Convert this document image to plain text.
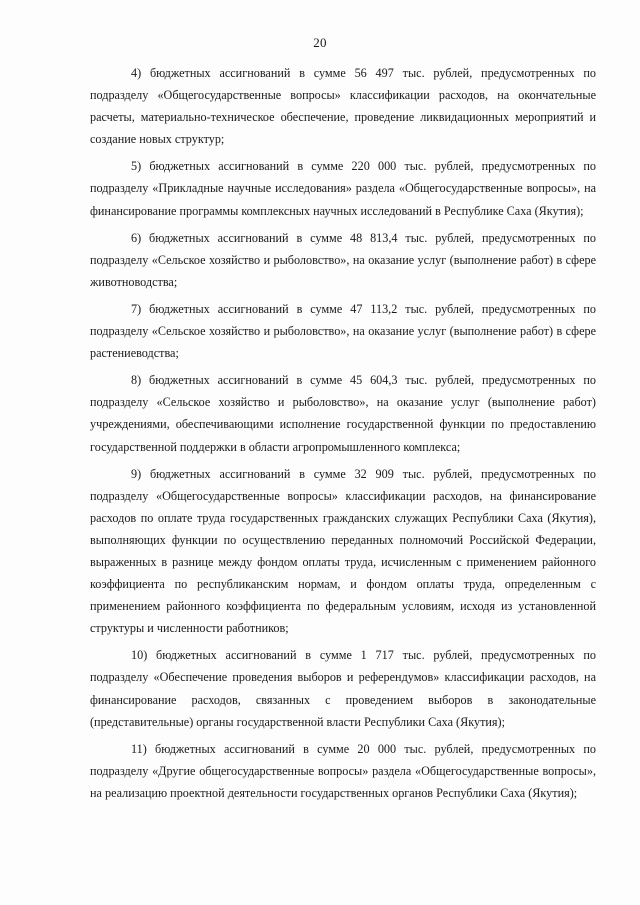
20

4) бюджетных ассигнований в сумме 56 497 тыс. рублей, предусмотренных по подразделу «Общегосударственные вопросы» классификации расходов, на окончательные расчеты, материально-техническое обеспечение, проведение ликвидационных мероприятий и создание новых структур;

5) бюджетных ассигнований в сумме 220 000 тыс. рублей, предусмотренных по подразделу «Прикладные научные исследования» раздела «Общегосударственные вопросы», на финансирование программы комплексных научных исследований в Республике Саха (Якутия);

6) бюджетных ассигнований в сумме 48 813,4 тыс. рублей, предусмотренных по подразделу «Сельское хозяйство и рыболовство», на оказание услуг (выполнение работ) в сфере животноводства;

7) бюджетных ассигнований в сумме 47 113,2 тыс. рублей, предусмотренных по подразделу «Сельское хозяйство и рыболовство», на оказание услуг (выполнение работ) в сфере растениеводства;

8) бюджетных ассигнований в сумме 45 604,3 тыс. рублей, предусмотренных по подразделу «Сельское хозяйство и рыболовство», на оказание услуг (выполнение работ) учреждениями, обеспечивающими исполнение государственной функции по предоставлению государственной поддержки в области агропромышленного комплекса;

9) бюджетных ассигнований в сумме 32 909 тыс. рублей, предусмотренных по подразделу «Общегосударственные вопросы» классификации расходов, на финансирование расходов по оплате труда государственных гражданских служащих Республики Саха (Якутия), выполняющих функции по осуществлению переданных полномочий Российской Федерации, выраженных в разнице между фондом оплаты труда, исчисленным с применением районного коэффициента по республиканским нормам, и фондом оплаты труда, определенным с применением районного коэффициента по федеральным условиям, исходя из установленной структуры и численности работников;

10) бюджетных ассигнований в сумме 1 717 тыс. рублей, предусмотренных по подразделу «Обеспечение проведения выборов и референдумов» классификации расходов, на финансирование расходов, связанных с проведением выборов в законодательные (представительные) органы государственной власти Республики Саха (Якутия);

11) бюджетных ассигнований в сумме 20 000 тыс. рублей, предусмотренных по подразделу «Другие общегосударственные вопросы» раздела «Общегосударственные вопросы», на реализацию проектной деятельности государственных органов Республики Саха (Якутия);
